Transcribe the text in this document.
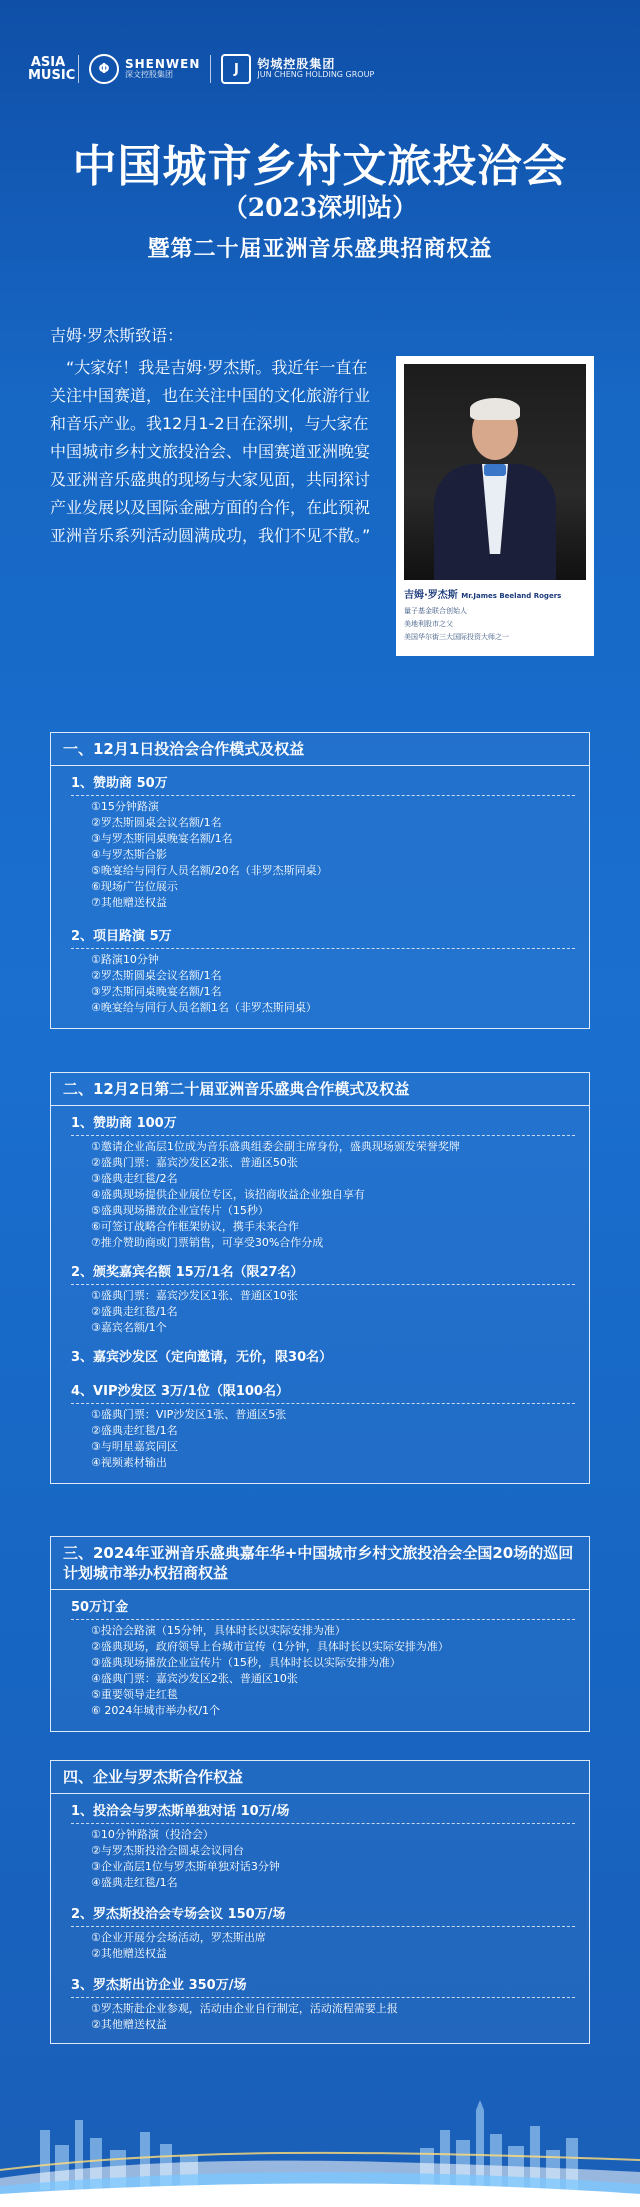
ASIA MUSIC	Φ	SHENWEN
深文控股集团	J	钧城控股集团
JUN CHENG HOLDING GROUP
中国城市乡村文旅投洽会
（2023深圳站）
暨第二十届亚洲音乐盛典招商权益
吉姆·罗杰斯致语：
“大家好！我是吉姆·罗杰斯。我近年一直在关注中国赛道，也在关注中国的文化旅游行业和音乐产业。我12月1-2日在深圳，与大家在中国城市乡村文旅投洽会、中国赛道亚洲晚宴及亚洲音乐盛典的现场与大家见面，共同探讨产业发展以及国际金融方面的合作，在此预祝亚洲音乐系列活动圆满成功，我们不见不散。”
吉姆·罗杰斯 Mr.James Beeland Rogers
量子基金联合创始人
美地利股市之父
美国华尔街三大国际投资大师之一
一、12月1日投洽会合作模式及权益
1、赞助商 50万
①15分钟路演
②罗杰斯圆桌会议名额/1名
③与罗杰斯同桌晚宴名额/1名
④与罗杰斯合影
⑤晚宴给与同行人员名额/20名（非罗杰斯同桌）
⑥现场广告位展示
⑦其他赠送权益
2、项目路演 5万
①路演10分钟
②罗杰斯圆桌会议名额/1名
③罗杰斯同桌晚宴名额/1名
④晚宴给与同行人员名额1名（非罗杰斯同桌）
二、12月2日第二十届亚洲音乐盛典合作模式及权益
1、赞助商 100万
①邀请企业高层1位成为音乐盛典组委会副主席身份，盛典现场颁发荣誉奖牌
②盛典门票：嘉宾沙发区2张、普通区50张
③盛典走红毯/2名
④盛典现场提供企业展位专区，该招商收益企业独自享有
⑤盛典现场播放企业宣传片（15秒）
⑥可签订战略合作框架协议，携手未来合作
⑦推介赞助商或门票销售，可享受30%合作分成
2、颁奖嘉宾名额 15万/1名（限27名）
①盛典门票：嘉宾沙发区1张、普通区10张
②盛典走红毯/1名
③嘉宾名额/1个
3、嘉宾沙发区（定向邀请，无价，限30名）
4、VIP沙发区 3万/1位（限100名）
①盛典门票：VIP沙发区1张、普通区5张
②盛典走红毯/1名
③与明星嘉宾同区
④视频素材输出
三、2024年亚洲音乐盛典嘉年华+中国城市乡村文旅投洽会全国20场的巡回计划城市举办权招商权益
50万订金
①投洽会路演（15分钟，具体时长以实际安排为准）
②盛典现场，政府领导上台城市宣传（1分钟，具体时长以实际安排为准）
③盛典现场播放企业宣传片（15秒，具体时长以实际安排为准）
④盛典门票：嘉宾沙发区2张、普通区10张
⑤重要领导走红毯
⑥ 2024年城市举办权/1个
四、企业与罗杰斯合作权益
1、投洽会与罗杰斯单独对话 10万/场
①10分钟路演（投洽会）
②与罗杰斯投洽会圆桌会议同台
③企业高层1位与罗杰斯单独对话3分钟
④盛典走红毯/1名
2、罗杰斯投洽会专场会议 150万/场
①企业开展分会场活动，罗杰斯出席
②其他赠送权益
3、罗杰斯出访企业 350万/场
①罗杰斯赴企业参观，活动由企业自行制定，活动流程需要上报
②其他赠送权益
